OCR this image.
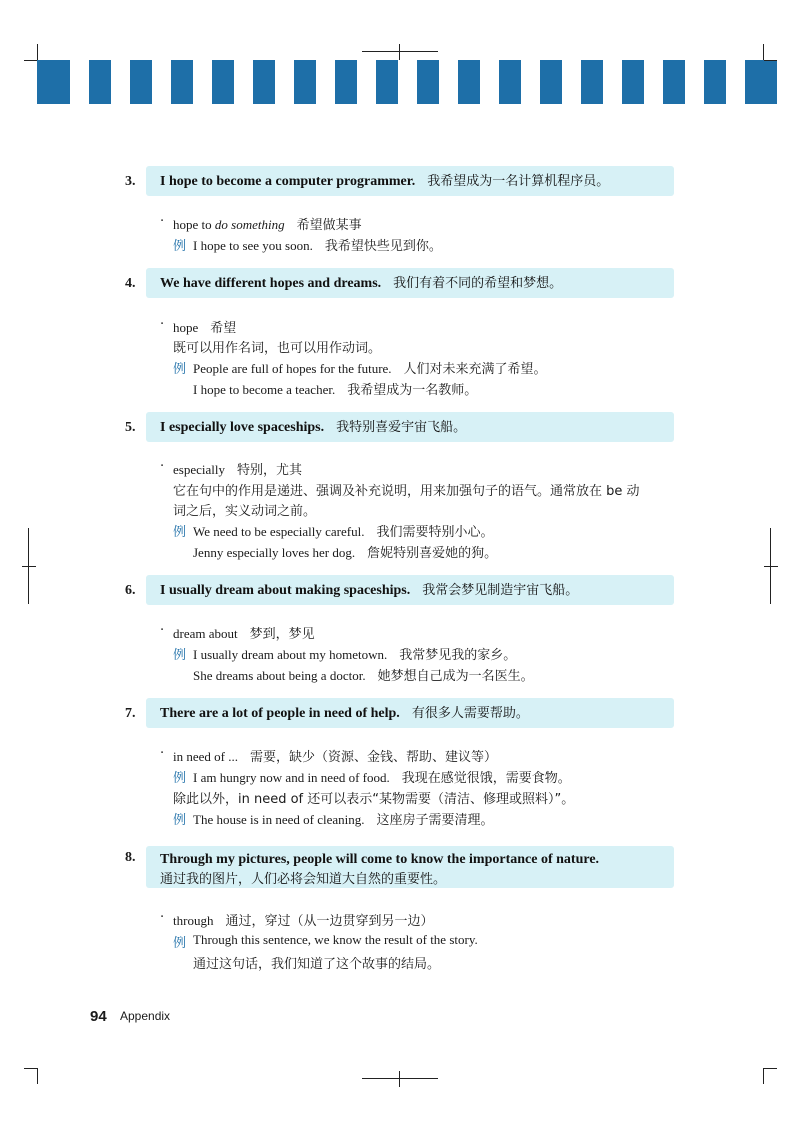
3.	I hope to become a computer programmer. 我希望成为一名计算机程序员。
· hope to do something 希望做某事
例 I hope to see you soon. 我希望快些见到你。
4.	We have different hopes and dreams. 我们有着不同的希望和梦想。
· hope 希望
既可以用作名词，也可以用作动词。
例 People are full of hopes for the future. 人们对未来充满了希望。
I hope to become a teacher. 我希望成为一名教师。
5.	I especially love spaceships. 我特别喜爱宇宙飞船。
· especially 特别，尤其
它在句中的作用是递进、强调及补充说明，用来加强句子的语气。通常放在 be 动
词之后，实义动词之前。
例 We need to be especially careful. 我们需要特别小心。
Jenny especially loves her dog. 詹妮特别喜爱她的狗。
6.	I usually dream about making spaceships. 我常会梦见制造宇宙飞船。
· dream about 梦到，梦见
例 I usually dream about my hometown. 我常梦见我的家乡。
She dreams about being a doctor. 她梦想自己成为一名医生。
7.	There are a lot of people in need of help. 有很多人需要帮助。
· in need of ... 需要，缺少（资源、金钱、帮助、建议等）
例 I am hungry now and in need of food. 我现在感觉很饿，需要食物。
除此以外，in need of 还可以表示“某物需要（清洁、修理或照料）”。
例 The house is in need of cleaning. 这座房子需要清理。
8.	Through my pictures, people will come to know the importance of nature.
通过我的图片，人们必将会知道大自然的重要性。
· through 通过，穿过（从一边贯穿到另一边）
例 Through this sentence, we know the result of the story.
通过这句话，我们知道了这个故事的结局。
94 Appendix
